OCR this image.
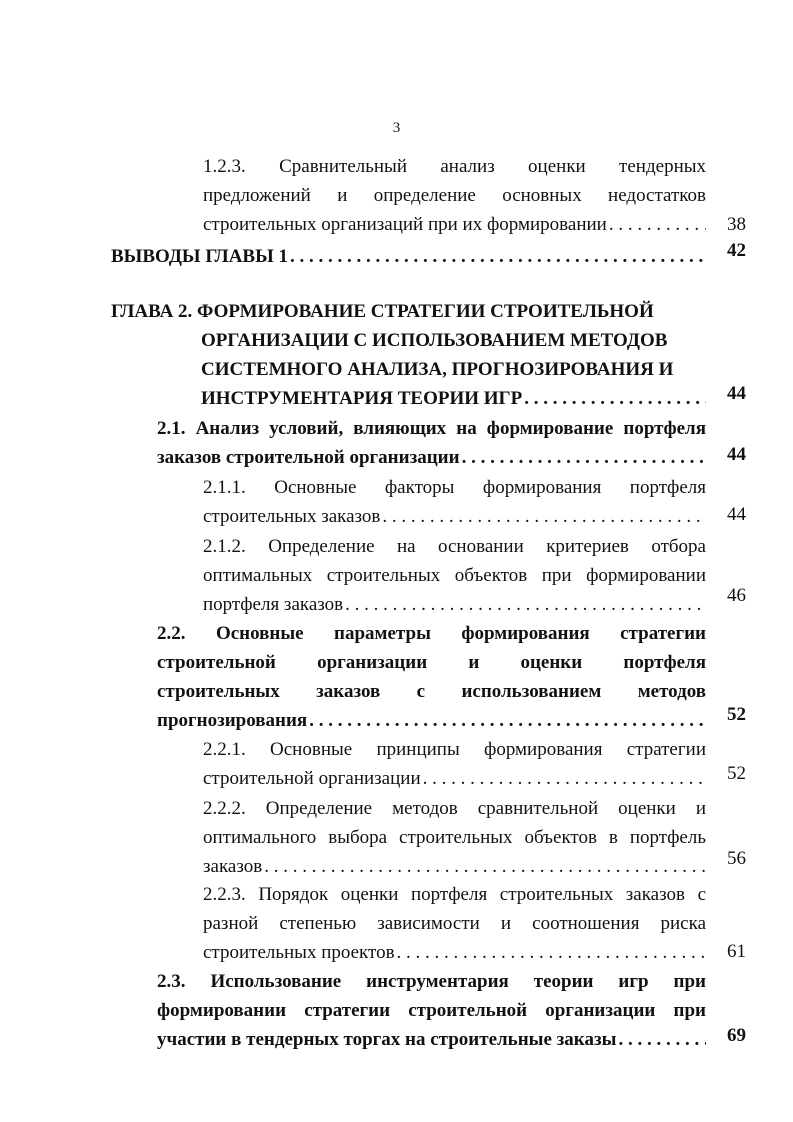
3
1.2.3. Сравнительный анализ оценки тендерных
предложений и определение основных недостатков
строительных организаций при их формировании . . .	38
ВЫВОДЫ ГЛАВЫ 1 . . .	42
ГЛАВА 2. ФОРМИРОВАНИЕ СТРАТЕГИИ СТРОИТЕЛЬНОЙ
ОРГАНИЗАЦИИ С ИСПОЛЬЗОВАНИЕМ МЕТОДОВ
СИСТЕМНОГО АНАЛИЗА, ПРОГНОЗИРОВАНИЯ И
ИНСТРУМЕНТАРИЯ ТЕОРИИ ИГР . . .	44
2.1. Анализ условий, влияющих на формирование портфеля
заказов строительной организации . . .	44
2.1.1. Основные факторы формирования портфеля
строительных заказов . . .	44
2.1.2. Определение на основании критериев отбора
оптимальных строительных объектов при формировании
портфеля заказов . . .	46
2.2. Основные параметры формирования стратегии
строительной организации и оценки портфеля
строительных заказов с использованием методов
прогнозирования . . .	52
2.2.1. Основные принципы формирования стратегии
строительной организации . . .	52
2.2.2. Определение методов сравнительной оценки и
оптимального выбора строительных объектов в портфель
заказов . . .	56
2.2.3. Порядок оценки портфеля строительных заказов с
разной степенью зависимости и соотношения риска
строительных проектов . . .	61
2.3. Использование инструментария теории игр при
формировании стратегии строительной организации при
участии в тендерных торгах на строительные заказы . . .	69
